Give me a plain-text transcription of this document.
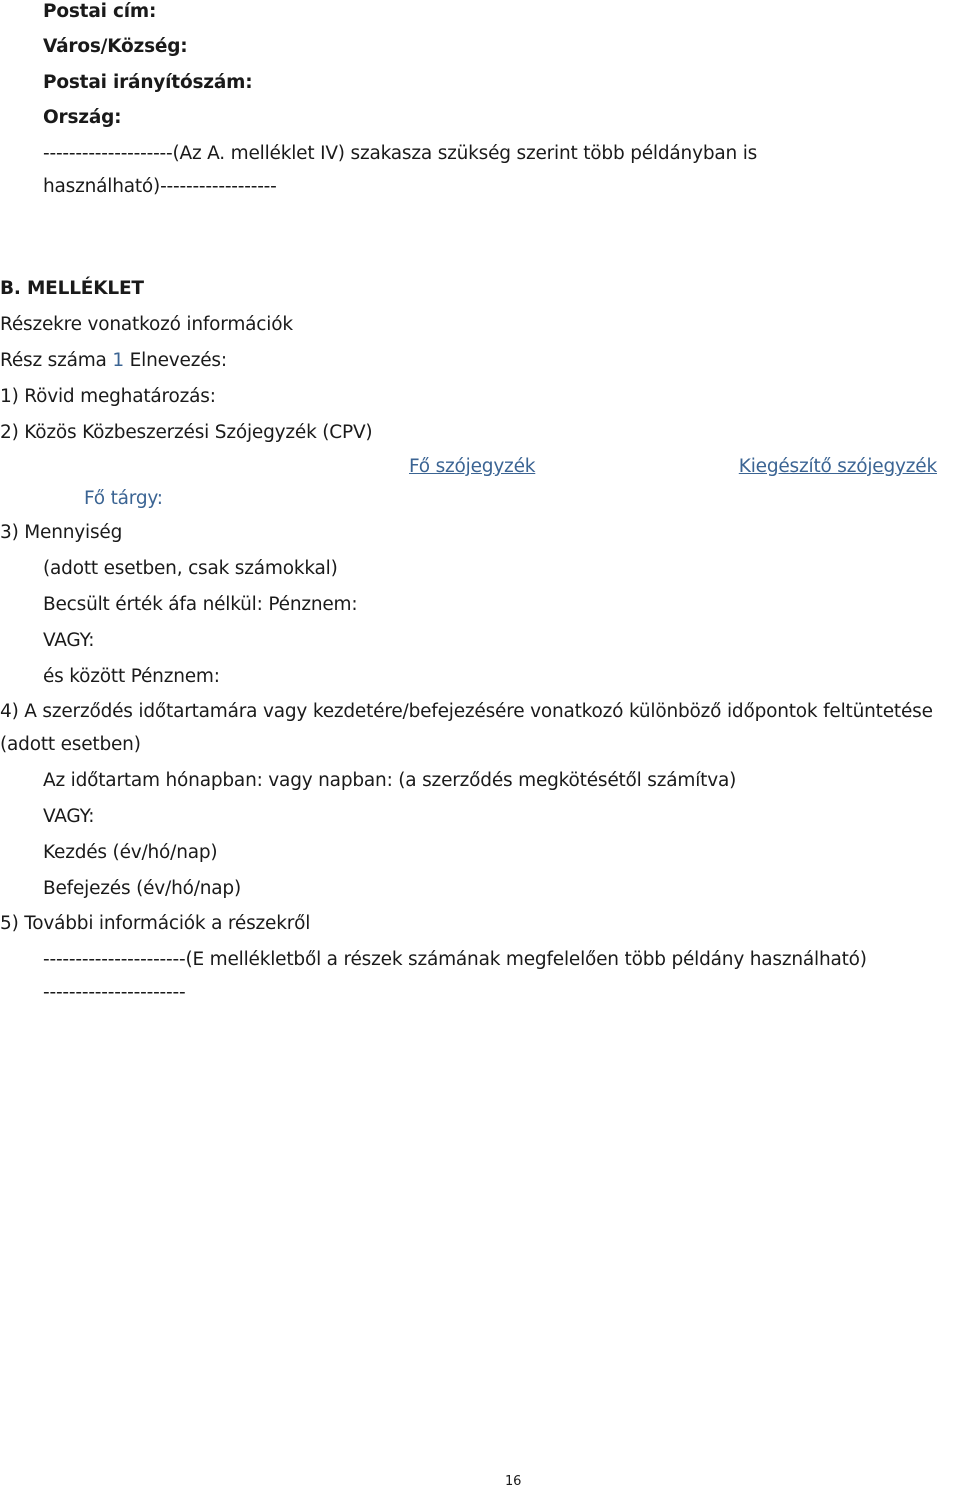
Postai cím:
Város/Község:
Postai irányítószám:
Ország:
--------------------(Az A. melléklet IV) szakasza szükség szerint több példányban is
használható)------------------
B. MELLÉKLET
Részekre vonatkozó információk
Rész száma 1 Elnevezés:
1) Rövid meghatározás:
2) Közös Közbeszerzési Szójegyzék (CPV)
Fő szójegyzék	Kiegészítő szójegyzék
Fő tárgy:
3) Mennyiség
(adott esetben, csak számokkal)
Becsült érték áfa nélkül: Pénznem:
VAGY:
és között Pénznem:
4) A szerződés időtartamára vagy kezdetére/befejezésére vonatkozó különböző időpontok feltüntetése
(adott esetben)
Az időtartam hónapban: vagy napban: (a szerződés megkötésétől számítva)
VAGY:
Kezdés (év/hó/nap)
Befejezés (év/hó/nap)
5) További információk a részekről
----------------------(E mellékletből a részek számának megfelelően több példány használható)
----------------------
16
